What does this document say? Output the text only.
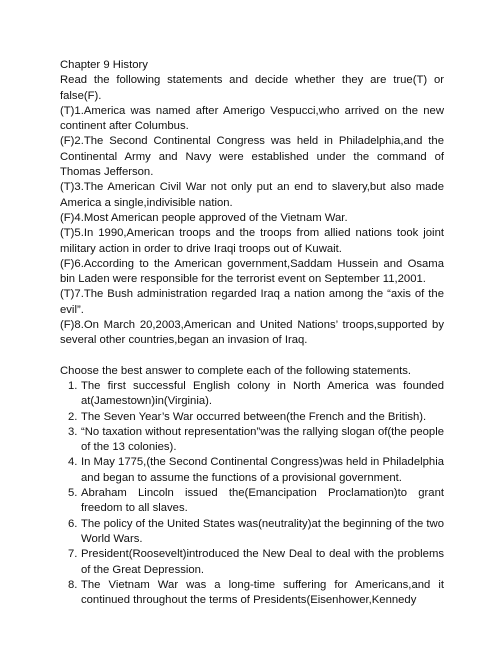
Chapter 9 History

Read the following statements and decide whether they are true(T) or false(F).

(T)1.America was named after Amerigo Vespucci,who arrived on the new continent after Columbus.

(F)2.The Second Continental Congress was held in Philadelphia,and the Continental Army and Navy were established under the command of Thomas Jefferson.

(T)3.The American Civil War not only put an end to slavery,but also made America a single,indivisible nation.

(F)4.Most American people approved of the Vietnam War.

(T)5.In 1990,American troops and the troops from allied nations took joint military action in order to drive Iraqi troops out of Kuwait.

(F)6.According to the American government,Saddam Hussein and Osama bin Laden were responsible for the terrorist event on September 11,2001.

(T)7.The Bush administration regarded Iraq a nation among the “axis of the evil”.

(F)8.On March 20,2003,American and United Nations’ troops,supported by several other countries,began an invasion of Iraq.

Choose the best answer to complete each of the following statements.

1. The first successful English colony in North America was founded at(Jamestown)in(Virginia).
2. The Seven Year’s War occurred between(the French and the British).
3. “No taxation without representation”was the rallying slogan of(the people of the 13 colonies).
4. In May 1775,(the Second Continental Congress)was held in Philadelphia and began to assume the functions of a provisional government.
5. Abraham Lincoln issued the(Emancipation Proclamation)to grant freedom to all slaves.
6. The policy of the United States was(neutrality)at the beginning of the two World Wars.
7. President(Roosevelt)introduced the New Deal to deal with the problems of the Great Depression.
8. The Vietnam War was a long-time suffering for Americans,and it continued throughout the terms of Presidents(Eisenhower,Kennedy
